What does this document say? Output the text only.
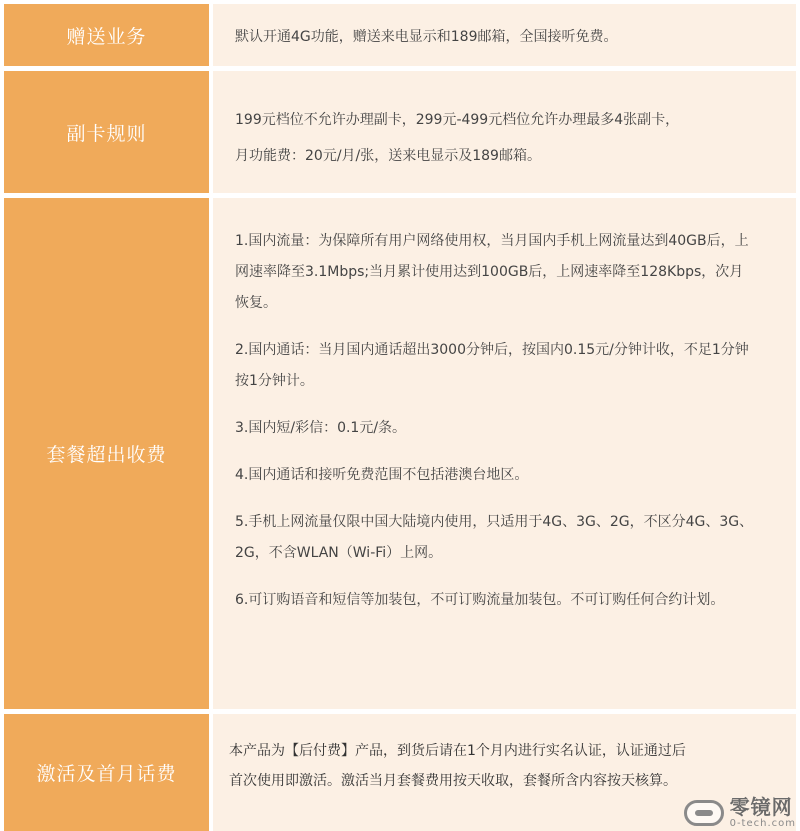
赠送业务	默认开通4G功能，赠送来电显示和189邮箱，全国接听免费。

副卡规则

199元档位不允许办理副卡，299元-499元档位允许办理最多4张副卡，

月功能费：20元/月/张，送来电显示及189邮箱。

套餐超出收费

1.国内流量：为保障所有用户网络使用权，当月国内手机上网流量达到40GB后，上网速率降至3.1Mbps;当月累计使用达到100GB后，上网速率降至128Kbps，次月恢复。

2.国内通话：当月国内通话超出3000分钟后，按国内0.15元/分钟计收，不足1分钟按1分钟计。

3.国内短/彩信：0.1元/条。

4.国内通话和接听免费范围不包括港澳台地区。

5.手机上网流量仅限中国大陆境内使用，只适用于4G、3G、2G，不区分4G、3G、2G，不含WLAN（Wi-Fi）上网。

6.可订购语音和短信等加装包，不可订购流量加装包。不可订购任何合约计划。

激活及首月话费

本产品为【后付费】产品，到货后请在1个月内进行实名认证，认证通过后

首次使用即激活。激活当月套餐费用按天收取，套餐所含内容按天核算。

零镜网
0-tech.com
